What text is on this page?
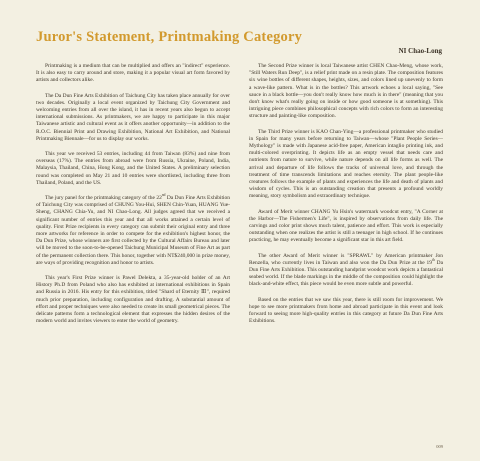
Juror's Statement, Printmaking Category
NI Chao-Long

Printmaking is a medium that can be multiplied and offers an "indirect" experience. It is also easy to carry around and store, making it a popular visual art form favored by artists and collectors alike.

The Da Dun Fine Arts Exhibition of Taichung City has taken place annually for over two decades. Originally a local event organized by Taichung City Government and welcoming entries from all over the island, it has in recent years also begun to accept international submissions. As printmakers, we are happy to participate in this major Taiwanese artistic and cultural event as it offers another opportunity—in addition to the R.O.C. Biennial Print and Drawing Exhibition, National Art Exhibition, and National Printmaking Biennale—for us to display our works.

This year we received 53 entries, including 44 from Taiwan (83%) and nine from overseas (17%). The entries from abroad were from Russia, Ukraine, Poland, India, Malaysia, Thailand, China, Hong Kong, and the United States. A preliminary selection round was completed on May 21 and 10 entries were shortlisted, including three from Thailand, Poland, and the US.

The jury panel for the printmaking category of the 22nd Da Dun Fine Arts Exhibition of Taichung City was comprised of CHUNG You-Hui, SHEN Chin-Yuan, HUANG Yue-Sheng, CHANG Chia-Yu, and NI Chao-Long. All judges agreed that we received a significant number of entries this year and that all works attained a certain level of quality. First Prize recipients in every category can submit their original entry and three more artworks for reference in order to compete for the exhibition's highest honor, the Da Dun Prize, whose winners are first collected by the Cultural Affairs Bureau and later will be moved to the soon-to-be-opened Taichung Municipal Museum of Fine Art as part of the permanent collection there. This honor, together with NT$240,000 in prize money, are ways of providing recognition and honor to artists.

This year's First Prize winner is Pawel Delekta, a 35-year-old holder of an Art History Ph.D from Poland who also has exhibited at international exhibitions in Spain and Russia in 2016. His entry for this exhibition, titled "Shard of Eternity Ⅲ", required much prior preparation, including configuration and drafting. A substantial amount of effort and proper techniques were also needed to create its small geometrical pieces. The delicate patterns form a technological element that expresses the hidden desires of the modern world and invites viewers to enter the world of geometry.

The Second Prize winner is local Taiwanese artist CHEN Chao-Meng, whose work, "Still Waters Run Deep", is a relief print made on a resin plate. The composition features six wine bottles of different shapes, heights, sizes, and colors lined up unevenly to form a wave-like pattern. What is in the bottles? This artwork echoes a local saying, "See sauce in a black bottle—you don't really know how much is in there" (meaning that you don't know what's really going on inside or how good someone is at something). This intriguing piece combines philosophical concepts with rich colors to form an interesting structure and painting-like composition.

The Third Prize winner is KAO Chan-Ying—a professional printmaker who studied in Spain for many years before returning to Taiwan—whose "Plant People Series—Mythology" is made with Japanese acid-free paper, American intaglio printing ink, and multi-colored overprinting. It depicts life as an empty vessel that needs care and nutrients from nature to survive, while nature depends on all life forms as well. The arrival and departure of life follows the tracks of universal love, and through the treatment of time transcends limitations and reaches eternity. The plant people-like creatures follows the example of plants and experiences the life and death of plants and wisdom of cycles. This is an outstanding creation that presents a profound worldly meaning, story symbolism and extraordinary technique.

Award of Merit winner CHANG Yu Hsin's watermark woodcut entry, "A Corner at the Harbor—The Fishermen's Life", is inspired by observations from daily life. The carvings and color print shows much talent, patience and effort. This work is especially outstanding when one realizes the artist is still a teenager in high school. If he continues practicing, he may eventually become a significant star in this art field.

The other Award of Merit winner is "SPRAWL" by American printmaker Jon Renzella, who currently lives in Taiwan and also won the Da Dun Prize at the 19th Da Dun Fine Arts Exhibition. This outstanding handprint woodcut work depicts a fantastical seabed world. If the blade markings in the middle of the composition could highlight the black-and-white effect, this piece would be even more subtle and powerful.

Based on the entries that we saw this year, there is still room for improvement. We hope to see more printmakers from home and abroad participate in this event and look forward to seeing more high-quality entries in this category at future Da Dun Fine Arts Exhibitions.

009
